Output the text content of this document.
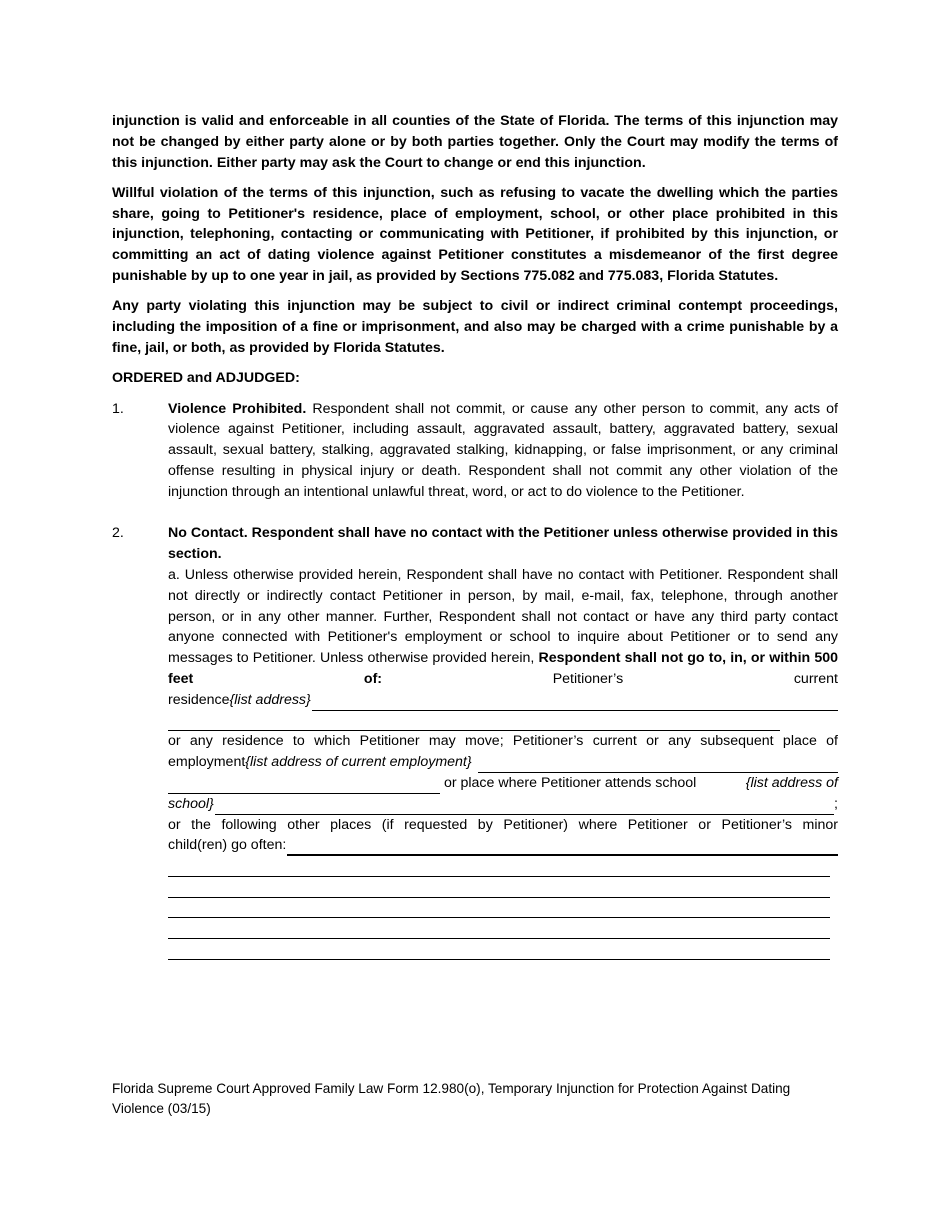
injunction is valid and enforceable in all counties of the State of Florida. The terms of this injunction may not be changed by either party alone or by both parties together. Only the Court may modify the terms of this injunction. Either party may ask the Court to change or end this injunction.

Willful violation of the terms of this injunction, such as refusing to vacate the dwelling which the parties share, going to Petitioner's residence, place of employment, school, or other place prohibited in this injunction, telephoning, contacting or communicating with Petitioner, if prohibited by this injunction, or committing an act of dating violence against Petitioner constitutes a misdemeanor of the first degree punishable by up to one year in jail, as provided by Sections 775.082 and 775.083, Florida Statutes.

Any party violating this injunction may be subject to civil or indirect criminal contempt proceedings, including the imposition of a fine or imprisonment, and also may be charged with a crime punishable by a fine, jail, or both, as provided by Florida Statutes.

ORDERED and ADJUDGED:

1.	Violence Prohibited. Respondent shall not commit, or cause any other person to commit, any acts of violence against Petitioner, including assault, aggravated assault, battery, aggravated battery, sexual assault, sexual battery, stalking, aggravated stalking, kidnapping, or false imprisonment, or any criminal offense resulting in physical injury or death. Respondent shall not commit any other violation of the injunction through an intentional unlawful threat, word, or act to do violence to the Petitioner.
2.	No Contact. Respondent shall have no contact with the Petitioner unless otherwise provided in this section.

a. Unless otherwise provided herein, Respondent shall have no contact with Petitioner. Respondent shall not directly or indirectly contact Petitioner in person, by mail, e-mail, fax, telephone, through another person, or in any other manner. Further, Respondent shall not contact or have any third party contact anyone connected with Petitioner's employment or school to inquire about Petitioner or to send any messages to Petitioner. Unless otherwise provided herein, Respondent shall not go to, in, or within 500 feet of: Petitioner’s current

residence {list address}

or any residence to which Petitioner may move; Petitioner’s current or any subsequent place of

employment {list address of current employment}
or place where Petitioner attends school	{list address of
school}	;

or the following other places (if requested by Petitioner) where Petitioner or Petitioner’s minor

child(ren) go often:
Florida Supreme Court Approved Family Law Form 12.980(o), Temporary Injunction for Protection Against Dating
Violence (03/15)
